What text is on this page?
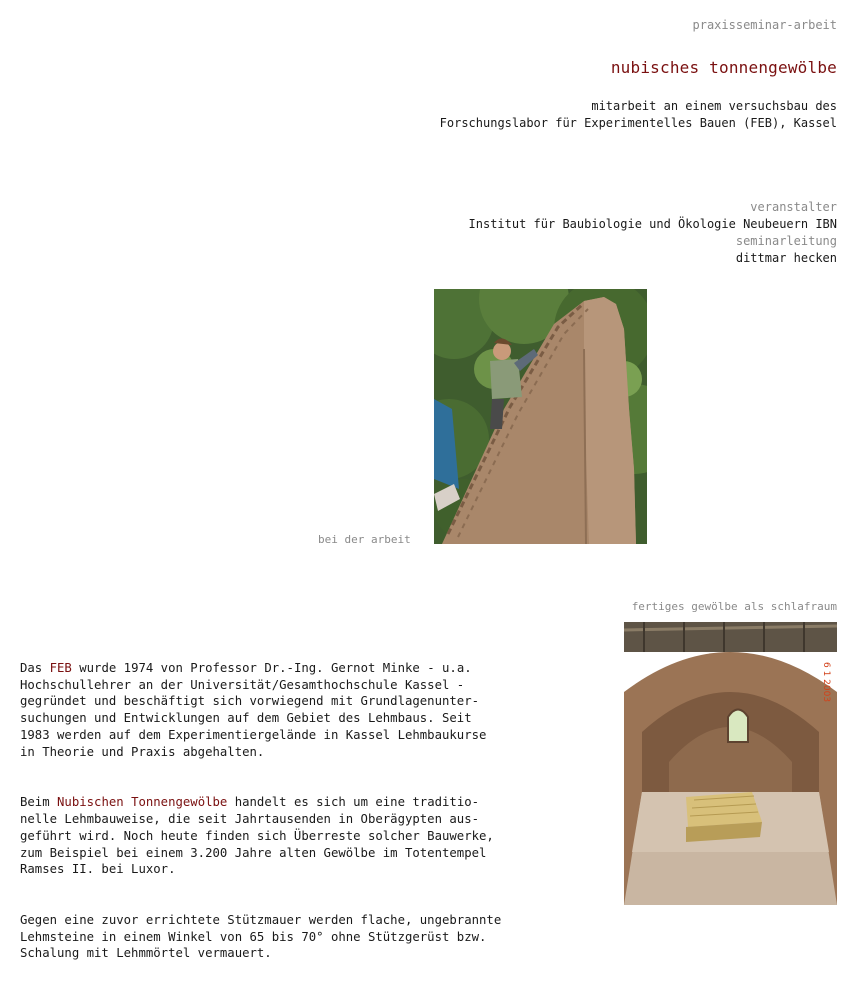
praxisseminar-arbeit
nubisches tonnengewölbe
mitarbeit an einem versuchsbau des
Forschungslabor für Experimentelles Bauen (FEB), Kassel
veranstalter
Institut für Baubiologie und Ökologie Neubeuern IBN
seminarleitung
dittmar hecken
bei der arbeit
fertiges gewölbe als schlafraum
6 1 2003

Das FEB wurde 1974 von Professor Dr.-Ing. Gernot Minke - u.a.
Hochschullehrer an der Universität/Gesamthochschule Kassel -
gegründet und beschäftigt sich vorwiegend mit Grundlagenunter-
suchungen und Entwicklungen auf dem Gebiet des Lehmbaus. Seit
1983 werden auf dem Experimentiergelände in Kassel Lehmbaukurse
in Theorie und Praxis abgehalten.

Beim Nubischen Tonnengewölbe handelt es sich um eine traditio-
nelle Lehmbauweise, die seit Jahrtausenden in Oberägypten aus-
geführt wird. Noch heute finden sich Überreste solcher Bauwerke,
zum Beispiel bei einem 3.200 Jahre alten Gewölbe im Totentempel
Ramses II. bei Luxor.

Gegen eine zuvor errichtete Stützmauer werden flache, ungebrannte
Lehmsteine in einem Winkel von 65 bis 70° ohne Stützgerüst bzw.
Schalung mit Lehmmörtel vermauert.
